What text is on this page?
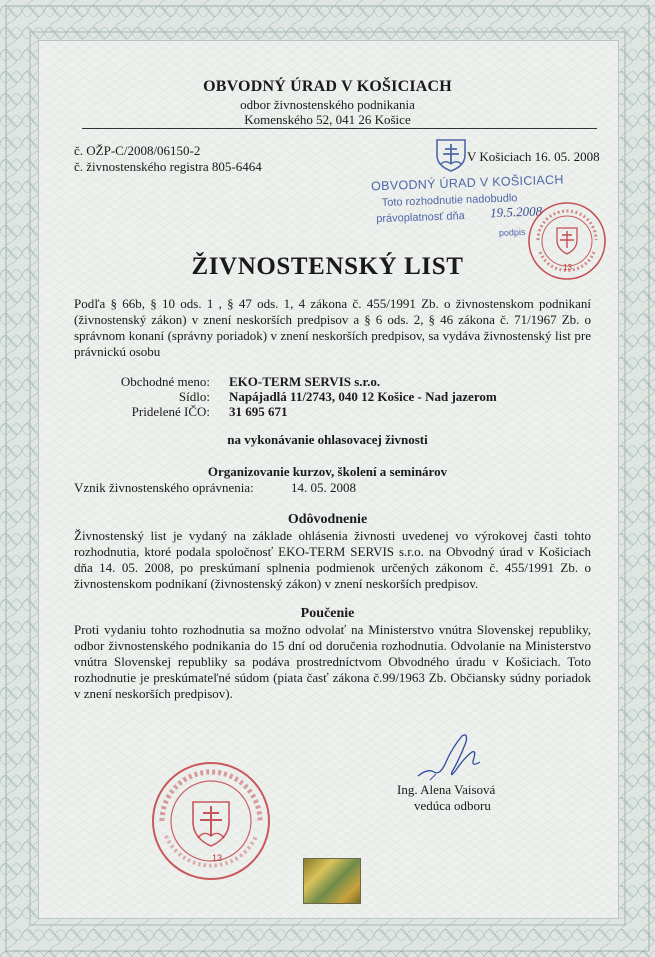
OBVODNÝ ÚRAD V KOŠICIACH
odbor živnostenského podnikania
Komenského 52, 041 26 Košice
č. OŽP-C/2008/06150-2
č. živnostenského registra 805-6464
V Košiciach 16. 05. 2008
OBVODNÝ ÚRAD V KOŠICIACH
Toto rozhodnutie nadobudlo
právoplatnosť dňa 19.5.2008
podpis
13
ŽIVNOSTENSKÝ LIST
Podľa § 66b, § 10 ods. 1 , § 47 ods. 1, 4 zákona č. 455/1991 Zb. o živnostenskom podnikaní (živnostenský zákon) v znení neskorších predpisov a § 6 ods. 2, § 46 zákona č. 71/1967 Zb. o správnom konaní (správny poriadok) v znení neskorších predpisov, sa vydáva živnostenský list pre právnickú osobu
Obchodné meno: EKO-TERM SERVIS s.r.o.
Sídlo: Napájadlá 11/2743, 040 12 Košice - Nad jazerom
Pridelené IČO: 31 695 671
na vykonávanie ohlasovacej živnosti
Organizovanie kurzov, školení a seminárov
Vznik živnostenského oprávnenia:	14. 05. 2008
Odôvodnenie
Živnostenský list je vydaný na základe ohlásenia živnosti uvedenej vo výrokovej časti tohto rozhodnutia, ktoré podala spoločnosť EKO-TERM SERVIS s.r.o. na Obvodný úrad v Košiciach dňa 14. 05. 2008, po preskúmaní splnenia podmienok určených zákonom č. 455/1991 Zb. o živnostenskom podnikaní (živnostenský zákon) v znení neskorších predpisov.
Poučenie
Proti vydaniu tohto rozhodnutia sa možno odvolať na Ministerstvo vnútra Slovenskej republiky, odbor živnostenského podnikania do 15 dní od doručenia rozhodnutia. Odvolanie na Ministerstvo vnútra Slovenskej republiky sa podáva prostredníctvom Obvodného úradu v Košiciach. Toto rozhodnutie je preskúmateľné súdom (piata časť zákona č.99/1963 Zb. Občiansky súdny poriadok v znení neskorších predpisov).
Ing. Alena Vaisová
vedúca odboru
13
